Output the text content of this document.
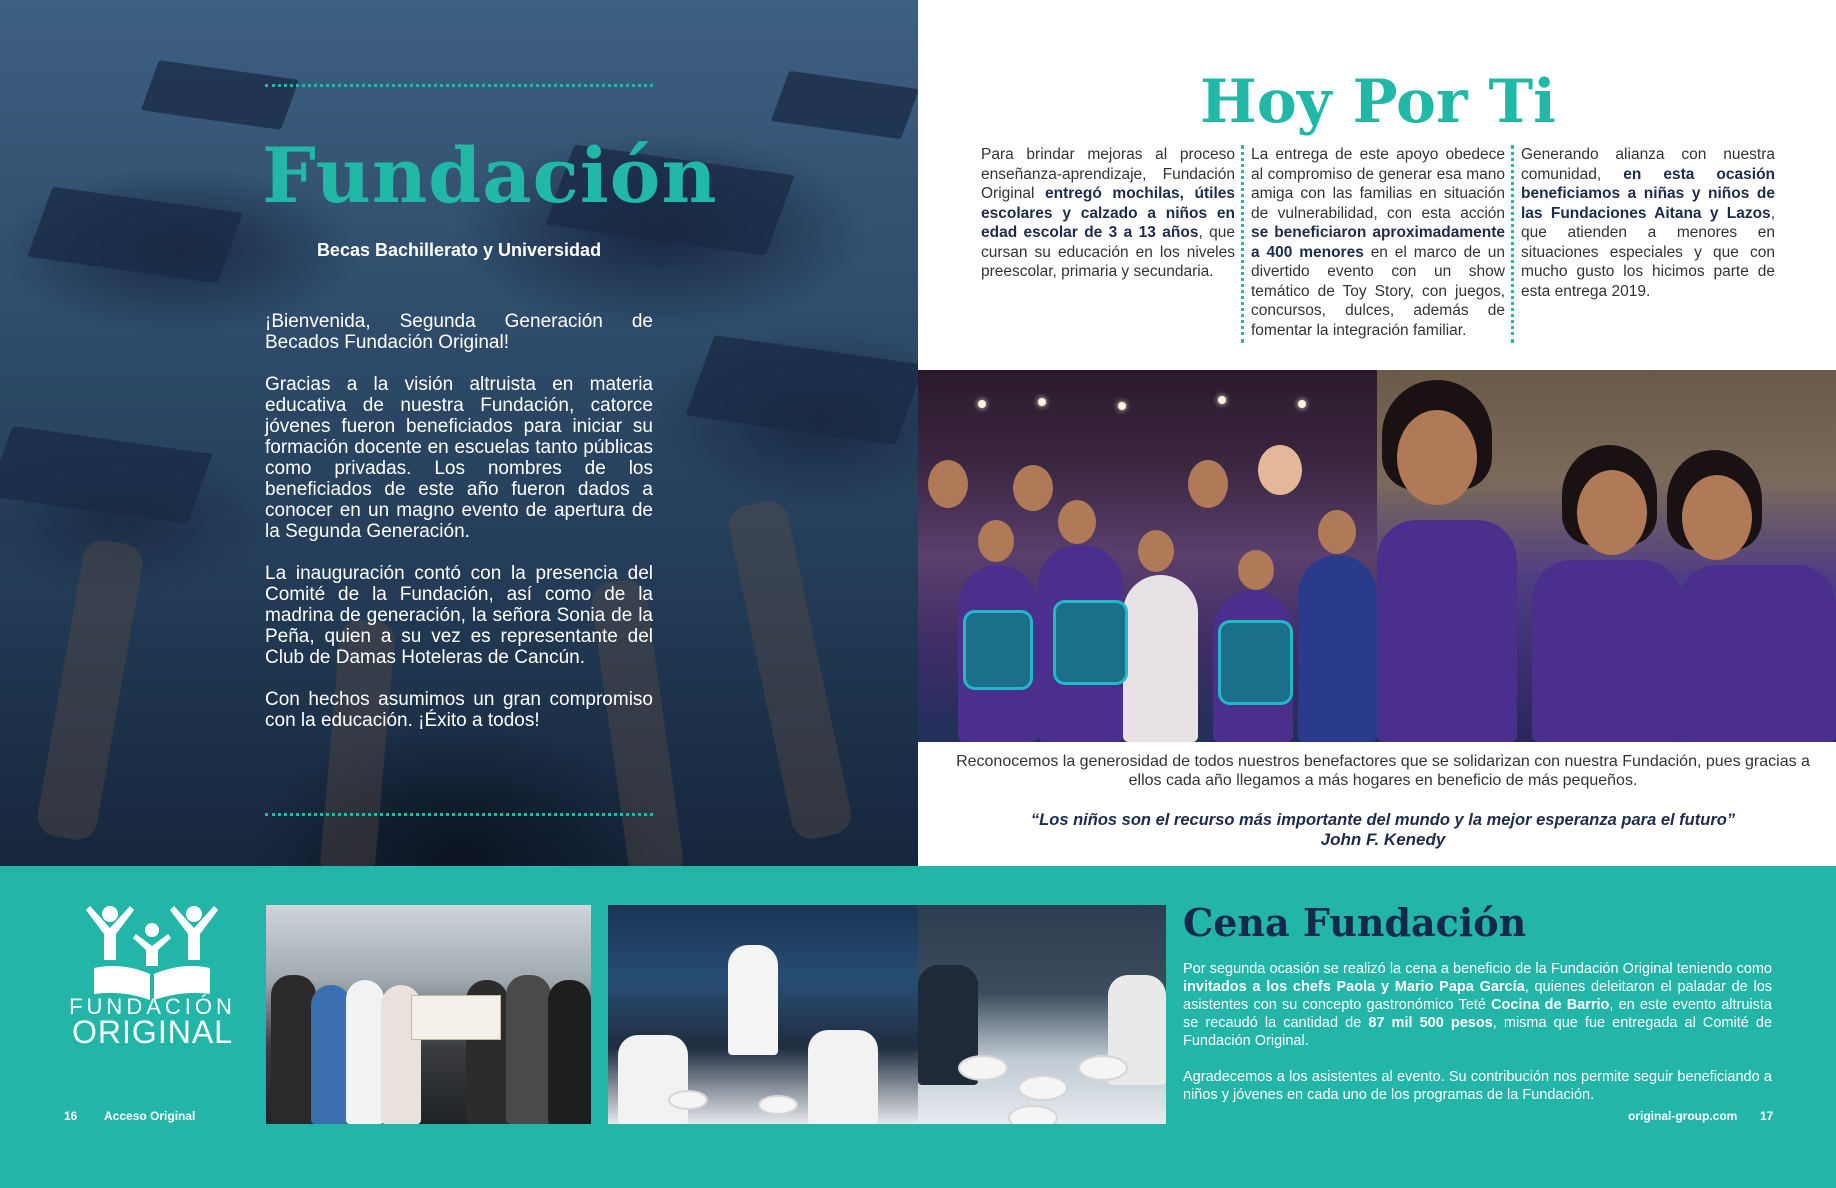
Fundación
Becas Bachillerato y Universidad

¡Bienvenida, Segunda Generación de Becados Fundación Original!

Gracias a la visión altruista en materia educativa de nuestra Fundación, catorce jóvenes fueron beneficiados para iniciar su formación docente en escuelas tanto públicas como privadas. Los nombres de los beneficiados de este año fueron dados a conocer en un magno evento de apertura de la Segunda Generación.

La inauguración contó con la presencia del Comité de la Fundación, así como de la madrina de generación, la señora Sonia de la Peña, quien a su vez es representante del Club de Damas Hoteleras de Cancún.

Con hechos asumimos un gran compromiso con la educación. ¡Éxito a todos!

Hoy Por Ti
Para brindar mejoras al proceso enseñanza-aprendizaje, Fundación Original entregó mochilas, útiles escolares y calzado a niños en edad escolar de 3 a 13 años, que cursan su educación en los niveles preescolar, primaria y secundaria.
La entrega de este apoyo obedece al compromiso de generar esa mano amiga con las familias en situación de vulnerabilidad, con esta acción se beneficiaron aproximadamente a 400 menores en el marco de un divertido evento con un show temático de Toy Story, con juegos, concursos, dulces, además de fomentar la integración familiar.
Generando alianza con nuestra comunidad, en esta ocasión beneficiamos a niñas y niños de las Fundaciones Aitana y Lazos, que atienden a menores en situaciones especiales y que con mucho gusto los hicimos parte de esta entrega 2019.
Reconocemos la generosidad de todos nuestros benefactores que se solidarizan con nuestra Fundación, pues gracias a ellos cada año llegamos a más hogares en beneficio de más pequeños.
“Los niños son el recurso más importante del mundo y la mejor esperanza para el futuro”
John F. Kenedy
FUNDACIÓN
ORIGINAL
Cena Fundación

Por segunda ocasión se realizó la cena a beneficio de la Fundación Original teniendo como invitados a los chefs Paola y Mario Papa García, quienes deleitaron el paladar de los asistentes con su concepto gastronómico Teté Cocina de Barrio, en este evento altruista se recaudó la cantidad de 87 mil 500 pesos, misma que fue entregada al Comité de Fundación Original.

Agradecemos a los asistentes al evento. Su contribución nos permite seguir beneficiando a niños y jóvenes en cada uno de los programas de la Fundación.

16 Acceso Original	original-group.com 17
